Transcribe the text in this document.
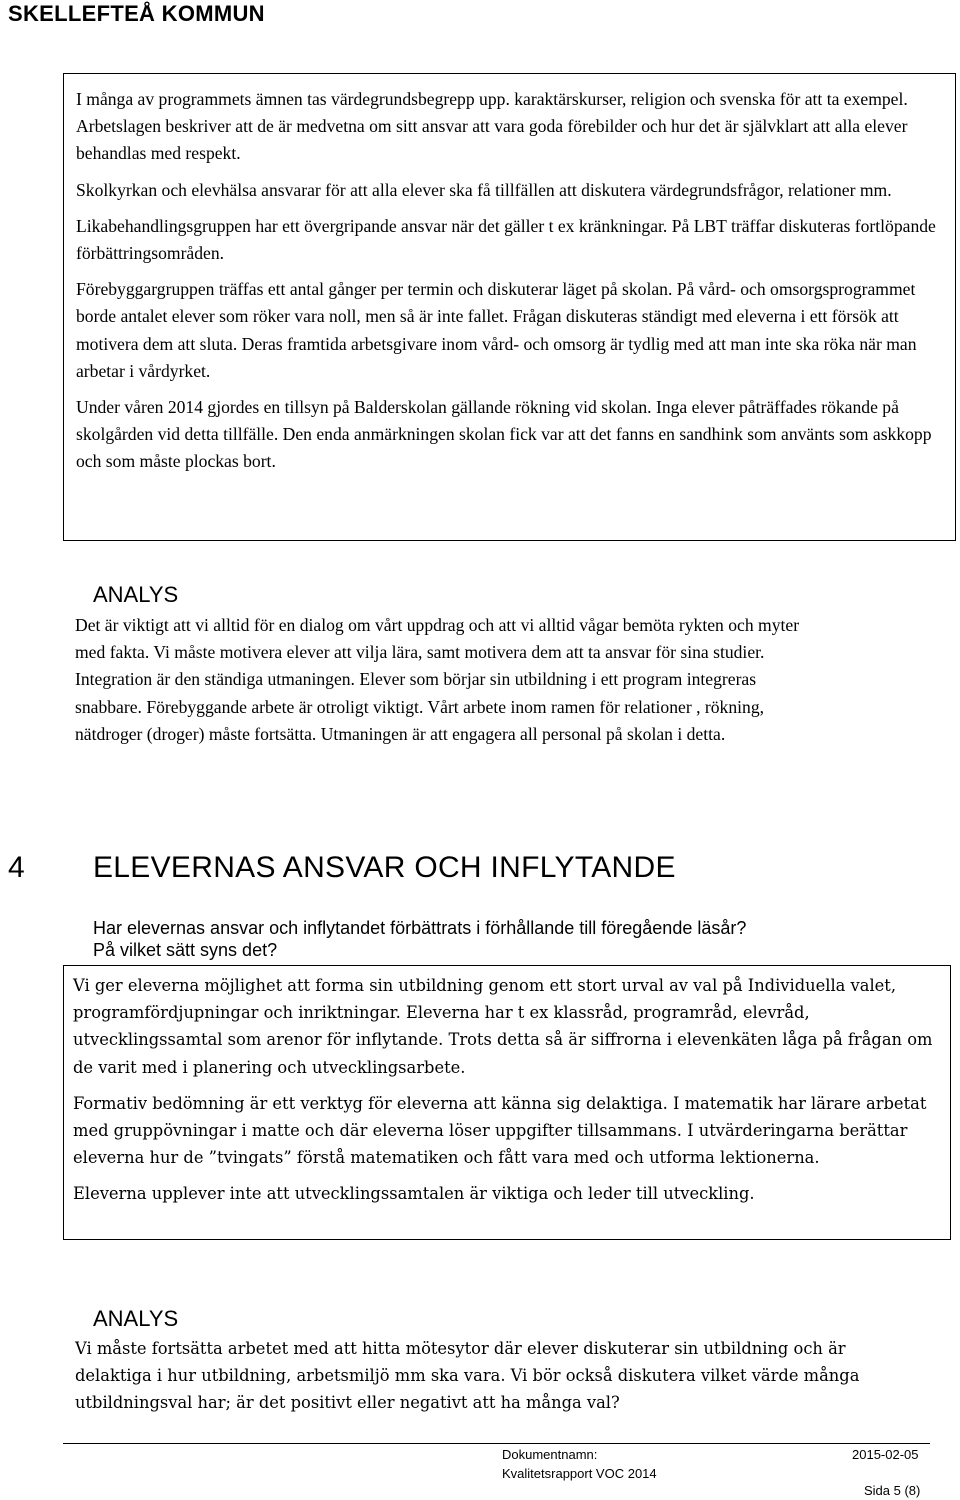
SKELLEFTEÅ KOMMUN

I många av programmets ämnen tas värdegrundsbegrepp upp. karaktärskurser, religion och svenska för att ta exempel. Arbetslagen beskriver att de är medvetna om sitt ansvar att vara goda förebilder och hur det är självklart att alla elever behandlas med respekt.

Skolkyrkan och elevhälsa ansvarar för att alla elever ska få tillfällen att diskutera värdegrundsfrågor, relationer mm.

Likabehandlingsgruppen har ett övergripande ansvar när det gäller t ex kränkningar. På LBT träffar diskuteras fortlöpande förbättringsområden.

Förebyggargruppen träffas ett antal gånger per termin och diskuterar läget på skolan. På vård- och omsorgsprogrammet borde antalet elever som röker vara noll, men så är inte fallet. Frågan diskuteras ständigt med eleverna i ett försök att motivera dem att sluta. Deras framtida arbetsgivare inom vård- och omsorg är tydlig med att man inte ska röka när man arbetar i vårdyrket.

Under våren 2014 gjordes en tillsyn på Balderskolan gällande rökning vid skolan. Inga elever påträffades rökande på skolgården vid detta tillfälle. Den enda anmärkningen skolan fick var att det fanns en sandhink som använts som askkopp och som måste plockas bort.

ANALYS
Det är viktigt att vi alltid för en dialog om vårt uppdrag och att vi alltid vågar bemöta rykten och myter
med fakta. Vi måste motivera elever att vilja lära, samt motivera dem att ta ansvar för sina studier.
Integration är den ständiga utmaningen. Elever som börjar sin utbildning i ett program integreras
snabbare. Förebyggande arbete är otroligt viktigt. Vårt arbete inom ramen för relationer , rökning,
nätdroger (droger) måste fortsätta. Utmaningen är att engagera all personal på skolan i detta.
4 ELEVERNAS ANSVAR OCH INFLYTANDE
Har elevernas ansvar och inflytandet förbättrats i förhållande till föregående läsår?
På vilket sätt syns det?

Vi ger eleverna möjlighet att forma sin utbildning genom ett stort urval av val på Individuella valet, programfördjupningar och inriktningar. Eleverna har t ex klassråd, programråd, elevråd, utvecklingssamtal som arenor för inflytande. Trots detta så är siffrorna i elevenkäten låga på frågan om de varit med i planering och utvecklingsarbete.

Formativ bedömning är ett verktyg för eleverna att känna sig delaktiga. I matematik har lärare arbetat med gruppövningar i matte och där eleverna löser uppgifter tillsammans. I utvärderingarna berättar eleverna hur de ”tvingats” förstå matematiken och fått vara med och utforma lektionerna.

Eleverna upplever inte att utvecklingssamtalen är viktiga och leder till utveckling.

ANALYS
Vi måste fortsätta arbetet med att hitta mötesytor där elever diskuterar sin utbildning och är
delaktiga i hur utbildning, arbetsmiljö mm ska vara. Vi bör också diskutera vilket värde många
utbildningsval har; är det positivt eller negativt att ha många val?
Dokumentnamn:
Kvalitetsrapport VOC 2014
2015-02-05
Sida 5 (8)
